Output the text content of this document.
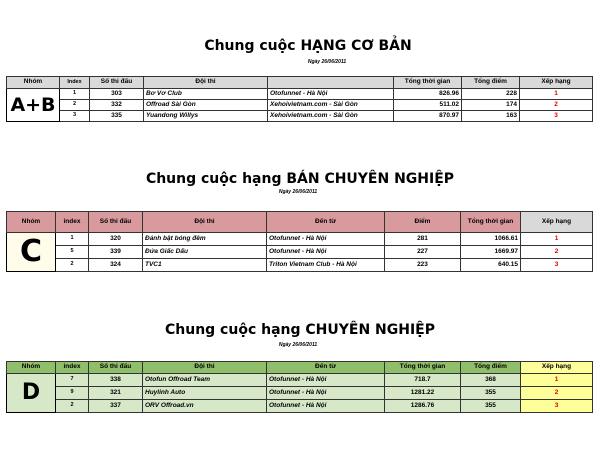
Chung cuộc HẠNG CƠ BẢN
Ngày 26/06/2011
Nhóm	Index	Số thi đấu	Đội thi		Tổng thời gian	Tổng điểm	Xếp hạng
A+B	1	303	Bơ Vơ Club	Otofunnet - Hà Nội	826.96	228	1
	2	332	Offroad Sài Gòn	Xehoivietnam.com - Sài Gòn	511.02	174	2
	3	335	Yuandong Willys	Xehoivietnam.com - Sài Gòn	870.97	163	3
Chung cuộc hạng BÁN CHUYÊN NGHIỆP
Ngày 26/06/2011
Nhóm	index	Số thi đấu	Đội thi	Đến từ	Điểm	Tổng thời gian	Xếp hạng
C	1	320	Đánh bật bóng đêm	Otofunnet - Hà Nội	281	1066.61	1
	5	339	Đứa Giấc Dấu	Otofunnet - Hà Nội	227	1669.97	2
	2	324	TVC1	Triton Vietnam Club - Hà Nội	223	640.15	3
Chung cuộc hạng CHUYÊN NGHIỆP
Ngày 26/06/2011
Nhóm	index	Số thi đấu	Đội thi	Đến từ	Tổng thời gian	Tổng điểm	Xếp hạng
D	7	338	Otofun Offroad Team	Otofunnet - Hà Nội	718.7	368	1
	9	321	Huylinh Auto	Otofunnet - Hà Nội	1281.22	355	2
	2	337	ORV Offroad.vn	Otofunnet - Hà Nội	1286.76	355	3
